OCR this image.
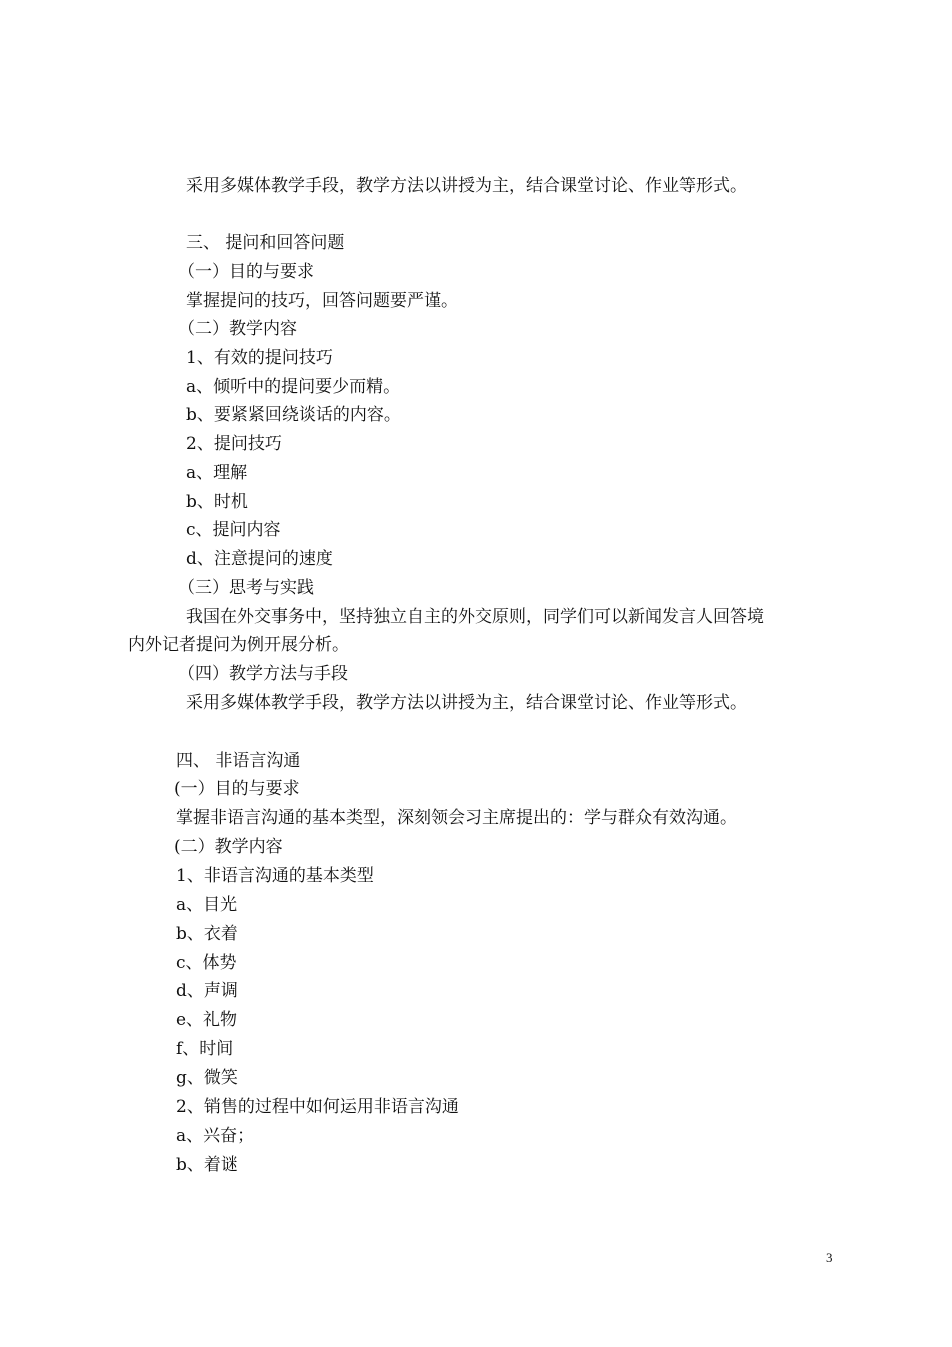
采用多媒体教学手段，教学方法以讲授为主，结合课堂讨论、作业等形式。
三、 提问和回答问题
（一）目的与要求
掌握提问的技巧，回答问题要严谨。
（二）教学内容
1、有效的提问技巧
a、倾听中的提问要少而精。
b、要紧紧回绕谈话的内容。
2、提问技巧
a、理解
b、时机
c、提问内容
d、注意提问的速度
（三）思考与实践
我国在外交事务中，坚持独立自主的外交原则，同学们可以新闻发言人回答境
内外记者提问为例开展分析。
（四）教学方法与手段
采用多媒体教学手段，教学方法以讲授为主，结合课堂讨论、作业等形式。
四、 非语言沟通
(一）目的与要求
掌握非语言沟通的基本类型，深刻领会习主席提出的：学与群众有效沟通。
(二）教学内容
1、非语言沟通的基本类型
a、目光
b、衣着
c、体势
d、声调
e、礼物
f、时间
g、微笑
2、销售的过程中如何运用非语言沟通
a、兴奋；
b、着谜
3
